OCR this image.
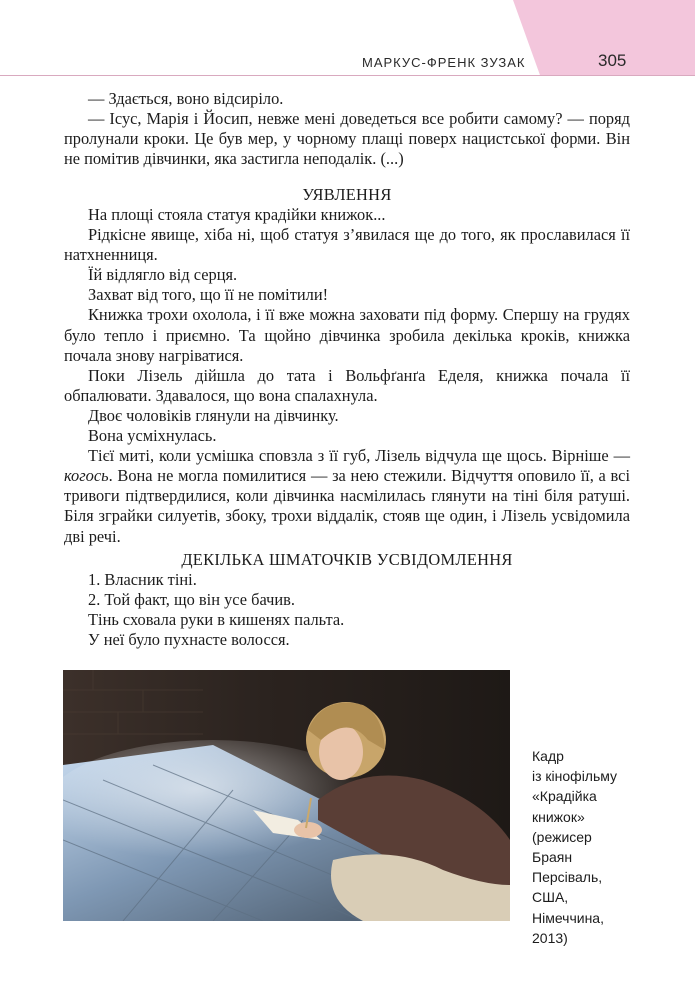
МАРКУС-ФРЕНК ЗУЗАК	305

— Здається, воно відсиріло.

— Ісус, Марія і Йосип, невже мені доведеться все робити самому? — поряд пролунали кроки. Це був мер, у чорному плащі поверх нацистської форми. Він не помітив дівчинки, яка застигла неподалік. (...)

УЯВЛЕННЯ

На площі стояла статуя крадійки книжок...

Рідкісне явище, хіба ні, щоб статуя з’явилася ще до того, як прославилася її натхненниця.

Їй відлягло від серця.

Захват від того, що її не помітили!

Книжка трохи охолола, і її вже можна заховати під форму. Спершу на грудях було тепло і приємно. Та щойно дівчинка зробила декілька кроків, книжка почала знову нагріватися.

Поки Лізель дійшла до тата і Вольфґанґа Еделя, книжка почала її обпалювати. Здавалося, що вона спалахнула.

Двоє чоловіків глянули на дівчинку.

Вона усміхнулась.

Тієї миті, коли усмішка сповзла з її губ, Лізель відчула ще щось. Вірніше — когось. Вона не могла помилитися — за нею стежили. Відчуття оповило її, а всі тривоги підтвердилися, коли дівчинка насмілилась глянути на тіні біля ратуші. Біля зграйки силуетів, збоку, трохи віддалік, стояв ще один, і Лізель усвідомила дві речі.

ДЕКІЛЬКА ШМАТОЧКІВ УСВІДОМЛЕННЯ

1. Власник тіні.

2. Той факт, що він усе бачив.

Тінь сховала руки в кишенях пальта.

У неї було пухнасте волосся.

Кадр
із кінофільму
«Крадійка
книжок»
(режисер
Браян
Персіваль,
США,
Німеччина,
2013)
